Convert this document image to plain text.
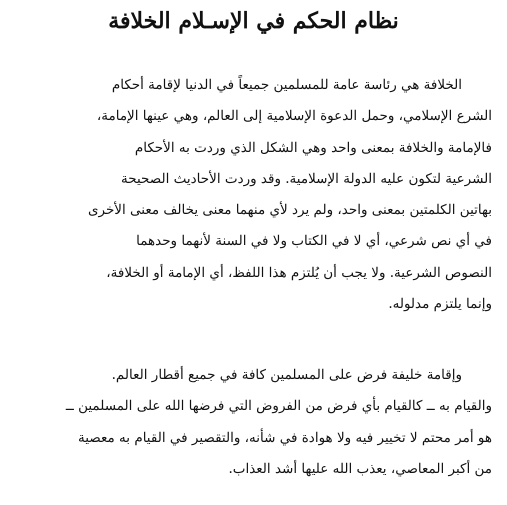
نظام الحكم في الإسـلام الخلافة
الخلافة هي رئاسة عامة للمسلمين جميعاً في الدنيا لإقامة أحكام
الشرع الإسلامي، وحمل الدعوة الإسلامية إلى العالم، وهي عينها الإمامة،
فالإمامة والخلافة بمعنى واحد وهي الشكل الذي وردت به الأحكام
الشرعية لتكون عليه الدولة الإسلامية. وقد وردت الأحاديث الصحيحة
بهاتين الكلمتين بمعنى واحد، ولم يرد لأي منهما معنى يخالف معنى الأخرى
في أي نص شرعي، أي لا في الكتاب ولا في السنة لأنهما وحدهما
النصوص الشرعية. ولا يجب أن يُلتزم هذا اللفظ، أي الإمامة أو الخلافة،
وإنما يلتزم مدلوله.
وإقامة خليفة فرض على المسلمين كافة في جميع أقطار العالم.
والقيام به ــ كالقيام بأي فرض من الفروض التي فرضها الله على المسلمين ــ
هو أمر محتم لا تخيير فيه ولا هوادة في شأنه، والتقصير في القيام به معصية
من أكبر المعاصي، يعذب الله عليها أشد العذاب.
